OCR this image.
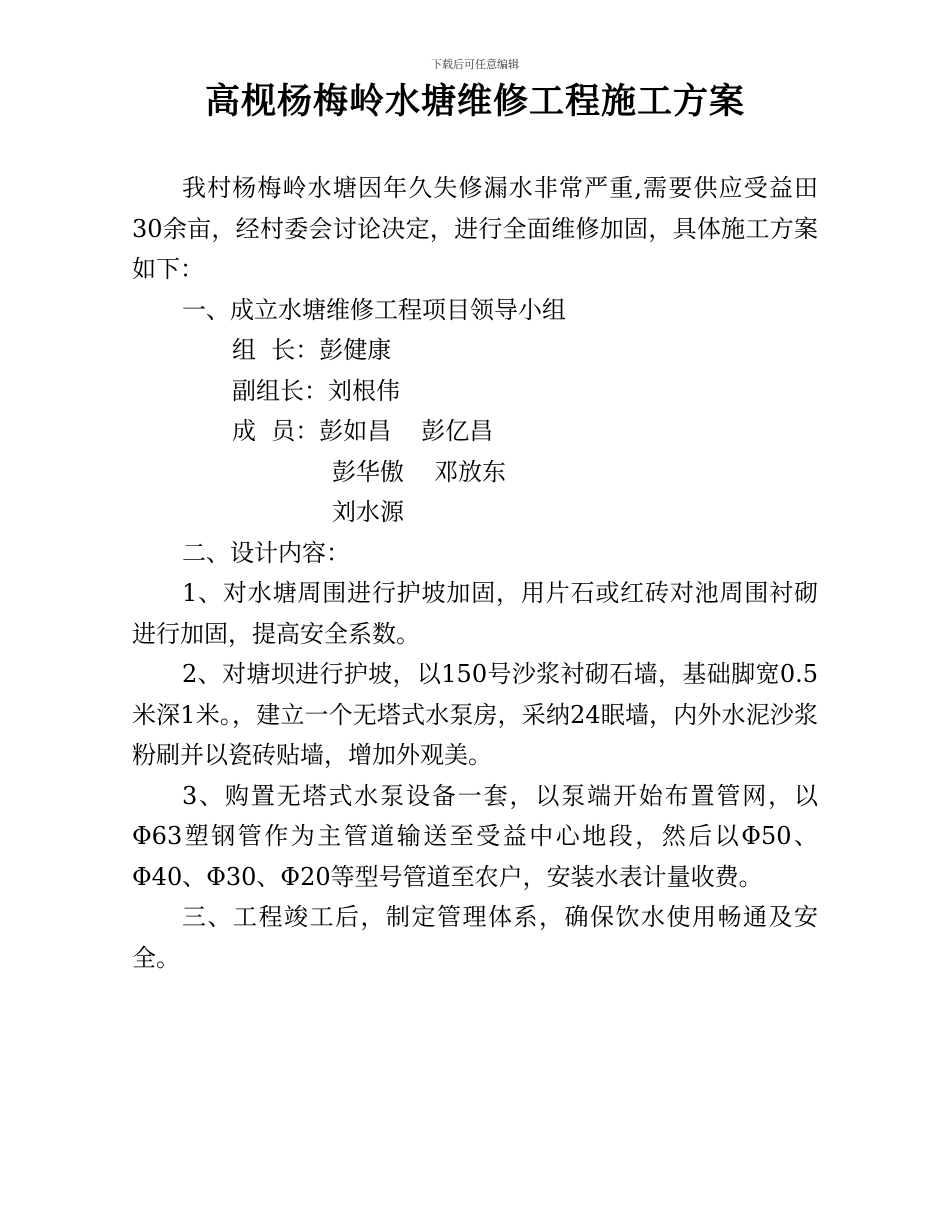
下载后可任意编辑
高枧杨梅岭水塘维修工程施工方案

我村杨梅岭水塘因年久失修漏水非常严重,需要供应受益田30余亩，经村委会讨论决定，进行全面维修加固，具体施工方案如下：

一、成立水塘维修工程项目领导小组

组  长：彭健康

副组长：刘根伟

成  员：彭如昌 彭亿昌

彭华傲 邓放东

刘水源

二、设计内容：

1、对水塘周围进行护坡加固，用片石或红砖对池周围衬砌进行加固，提高安全系数。

2、对塘坝进行护坡，以150号沙浆衬砌石墙，基础脚宽0.5米深1米。，建立一个无塔式水泵房，采纳24眠墙，内外水泥沙浆粉刷并以瓷砖贴墙，增加外观美。

3、购置无塔式水泵设备一套，以泵端开始布置管网，以Φ63塑钢管作为主管道输送至受益中心地段，然后以Φ50、Φ40、Φ30、Φ20等型号管道至农户，安装水表计量收费。

三、工程竣工后，制定管理体系，确保饮水使用畅通及安全。
